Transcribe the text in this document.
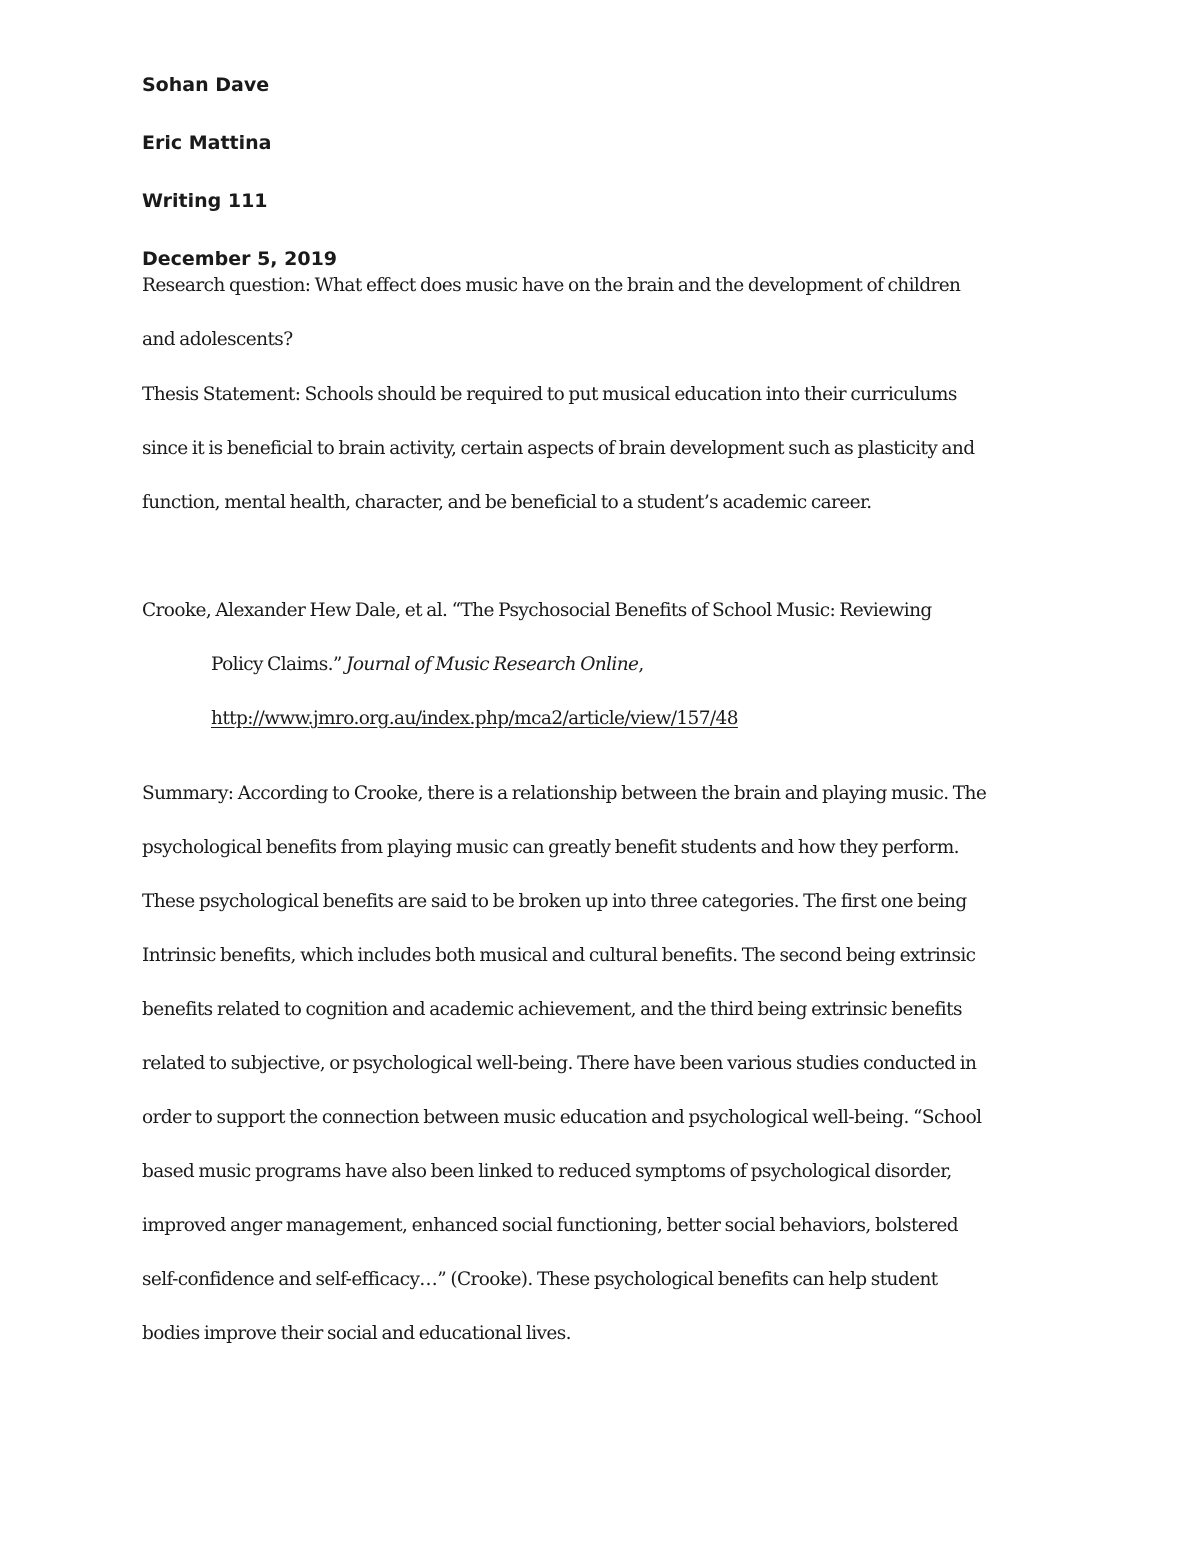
Sohan Dave

Eric Mattina

Writing 111

December 5, 2019

Research question: What effect does music have on the brain and the development of children
and adolescents?
Thesis Statement: Schools should be required to put musical education into their curriculums
since it is beneficial to brain activity, certain aspects of brain development such as plasticity and
function, mental health, character, and be beneficial to a student’s academic career.
Crooke, Alexander Hew Dale, et al. “The Psychosocial Benefits of School Music: Reviewing
Policy Claims.” Journal of Music Research Online,
http://www.jmro.org.au/index.php/mca2/article/view/157/48
Summary: According to Crooke, there is a relationship between the brain and playing music. The
psychological benefits from playing music can greatly benefit students and how they perform.
These psychological benefits are said to be broken up into three categories. The first one being
Intrinsic benefits, which includes both musical and cultural benefits. The second being extrinsic
benefits related to cognition and academic achievement, and the third being extrinsic benefits
related to subjective, or psychological well-being. There have been various studies conducted in
order to support the connection between music education and psychological well-being. “School
based music programs have also been linked to reduced symptoms of psychological disorder,
improved anger management, enhanced social functioning, better social behaviors, bolstered
self-confidence and self-efficacy…” (Crooke). These psychological benefits can help student
bodies improve their social and educational lives.
